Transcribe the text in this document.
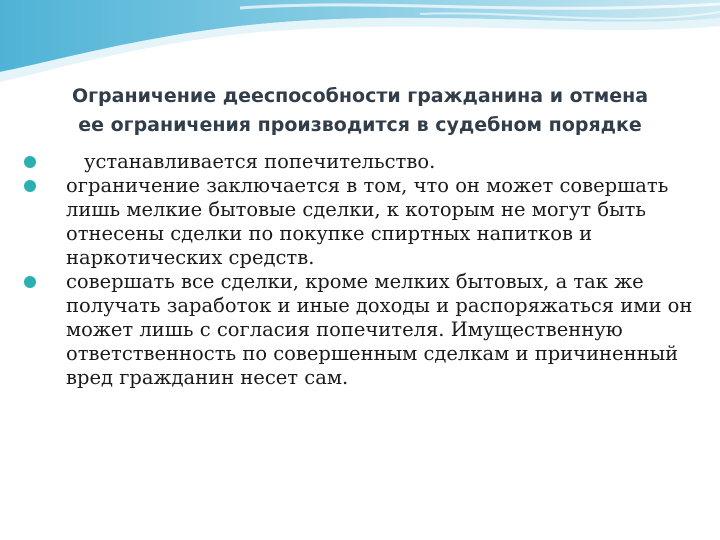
Ограничение дееспособности гражданина и отмена
ее ограничения производится в судебном порядке
устанавливается попечительство.
ограничение заключается в том, что он может совершать лишь мелкие бытовые сделки, к которым не могут быть отнесены сделки по покупке спиртных напитков и наркотических средств.
совершать все сделки, кроме мелких бытовых, а так же получать заработок и иные доходы и распоряжаться ими он может лишь с согласия попечителя. Имущественную ответственность по совершенным сделкам и причиненный вред гражданин несет сам.
